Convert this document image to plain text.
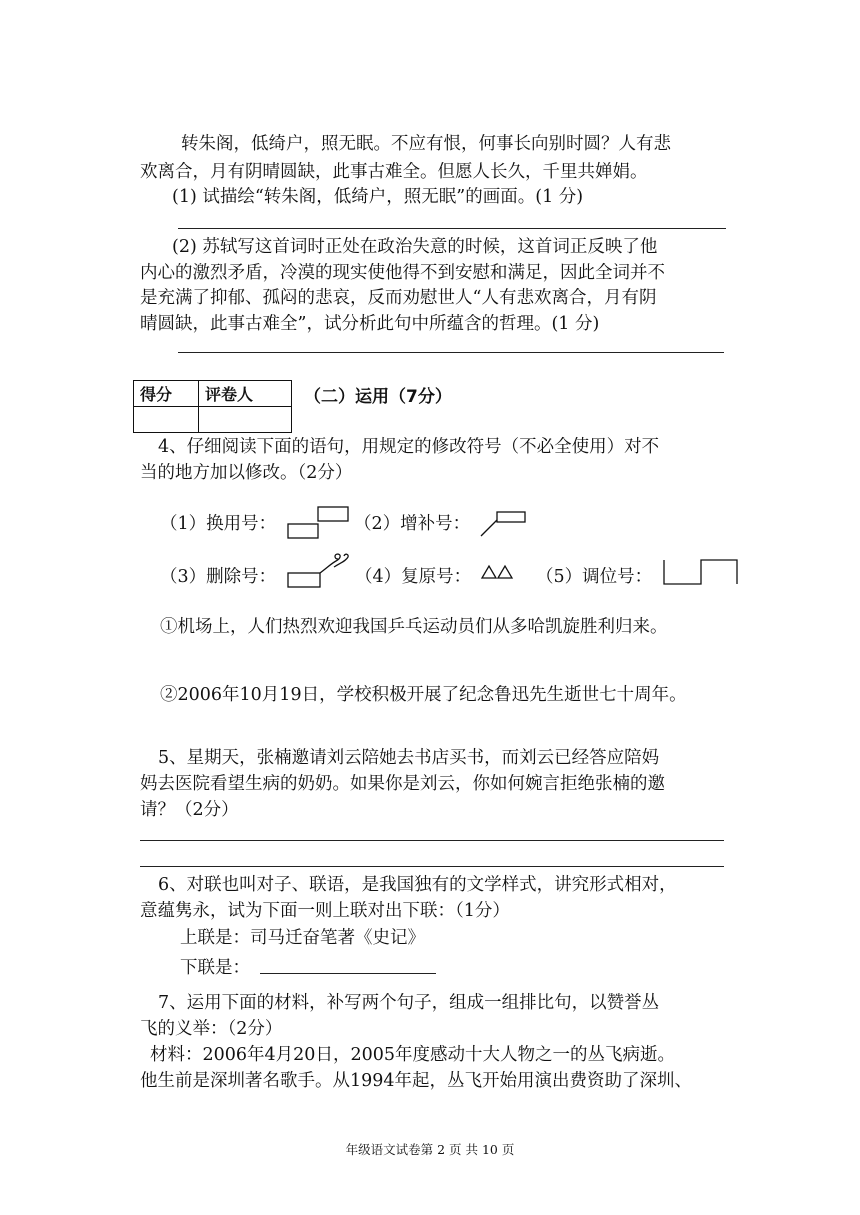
转朱阁，低绮户，照无眠。不应有恨，何事长向别时圆？人有悲
欢离合，月有阴晴圆缺，此事古难全。但愿人长久，千里共婵娟。
(1) 试描绘“转朱阁，低绮户，照无眠”的画面。(1 分)
(2) 苏轼写这首词时正处在政治失意的时候，这首词正反映了他
内心的激烈矛盾，冷漠的现实使他得不到安慰和满足，因此全词并不
是充满了抑郁、孤闷的悲哀，反而劝慰世人“人有悲欢离合，月有阴
晴圆缺，此事古难全”，试分析此句中所蕴含的哲理。(1 分)
得分	评卷人
		（二）运用（7分）
4、仔细阅读下面的语句，用规定的修改符号（不必全使用）对不
当的地方加以修改。（2分）
（1）换用号：	（2）增补号：
（3）删除号：	（4）复原号：	（5）调位号：
①机场上，人们热烈欢迎我国乒乓运动员们从多哈凯旋胜利归来。
②2006年10月19日，学校积极开展了纪念鲁迅先生逝世七十周年。
5、星期天，张楠邀请刘云陪她去书店买书，而刘云已经答应陪妈
妈去医院看望生病的奶奶。如果你是刘云，你如何婉言拒绝张楠的邀
请？（2分）
6、对联也叫对子、联语，是我国独有的文学样式，讲究形式相对，
意蕴隽永，试为下面一则上联对出下联：（1分）
上联是：司马迁奋笔著《史记》
下联是：
7、运用下面的材料，补写两个句子，组成一组排比句，以赞誉丛
飞的义举：（2分）
材料：2006年4月20日，2005年度感动十大人物之一的丛飞病逝。
他生前是深圳著名歌手。从1994年起，丛飞开始用演出费资助了深圳、
年级语文试卷第 2 页 共 10 页
